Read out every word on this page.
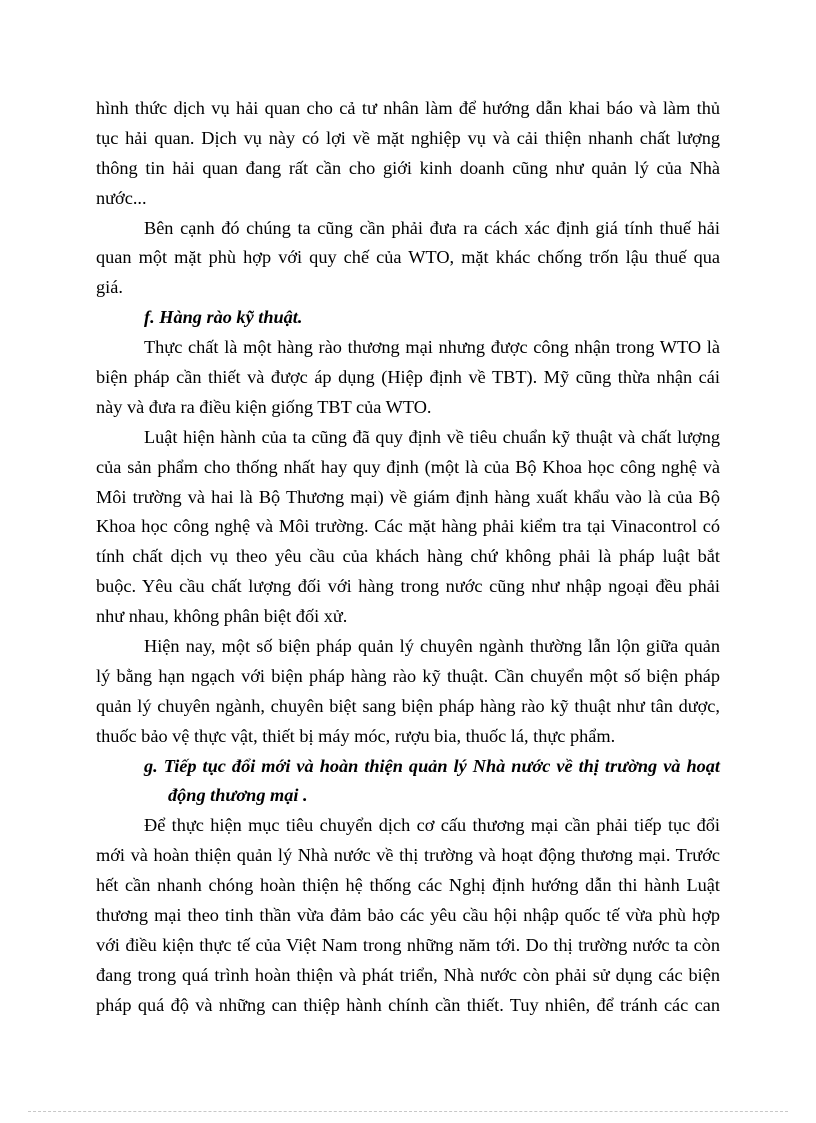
hình thức dịch vụ hải quan cho cả tư nhân làm để hướng dẫn khai báo và làm thủ
tục hải quan. Dịch vụ này có lợi về mặt nghiệp vụ và cải thiện nhanh chất lượng
thông tin hải quan đang rất cần cho giới kinh doanh cũng như quản lý của Nhà
nước...
Bên cạnh đó chúng ta cũng cần phải đưa ra cách xác định giá tính thuế hải
quan một mặt phù hợp với quy chế của WTO, mặt khác chống trốn lậu thuế qua
giá.
f. Hàng rào kỹ thuật.
Thực chất là một hàng rào thương mại nhưng được công nhận trong WTO là
biện pháp cần thiết và được áp dụng (Hiệp định về TBT). Mỹ cũng thừa nhận cái
này và đưa ra điều kiện giống TBT của WTO.
Luật hiện hành của ta cũng đã quy định về tiêu chuẩn kỹ thuật và chất lượng
của sản phẩm cho thống nhất hay quy định (một là của Bộ Khoa học công nghệ và
Môi trường và hai là Bộ Thương mại) về giám định hàng xuất khẩu vào là của Bộ
Khoa học công nghệ và Môi trường. Các mặt hàng phải kiểm tra tại Vinacontrol có
tính chất dịch vụ theo yêu cầu của khách hàng chứ không phải là pháp luật bắt
buộc. Yêu cầu chất lượng đối với hàng trong nước cũng như nhập ngoại đều phải
như nhau, không phân biệt đối xử.
Hiện nay, một số biện pháp quản lý chuyên ngành thường lẫn lộn giữa quản
lý bằng hạn ngạch với biện pháp hàng rào kỹ thuật. Cần chuyển một số biện pháp
quản lý chuyên ngành, chuyên biệt sang biện pháp hàng rào kỹ thuật như tân dược,
thuốc bảo vệ thực vật, thiết bị máy móc, rượu bia, thuốc lá, thực phẩm.
g. Tiếp tục đổi mới và hoàn thiện quản lý Nhà nước về thị trường và hoạt
động thương mại .
Để thực hiện mục tiêu chuyển dịch cơ cấu thương mại cần phải tiếp tục đổi
mới và hoàn thiện quản lý Nhà nước về thị trường và hoạt động thương mại. Trước
hết cần nhanh chóng hoàn thiện hệ thống các Nghị định hướng dẫn thi hành Luật
thương mại theo tinh thần vừa đảm bảo các yêu cầu hội nhập quốc tế vừa phù hợp
với điều kiện thực tế của Việt Nam trong những năm tới. Do thị trường nước ta còn
đang trong quá trình hoàn thiện và phát triển, Nhà nước còn phải sử dụng các biện
pháp quá độ và những can thiệp hành chính cần thiết. Tuy nhiên, để tránh các can
